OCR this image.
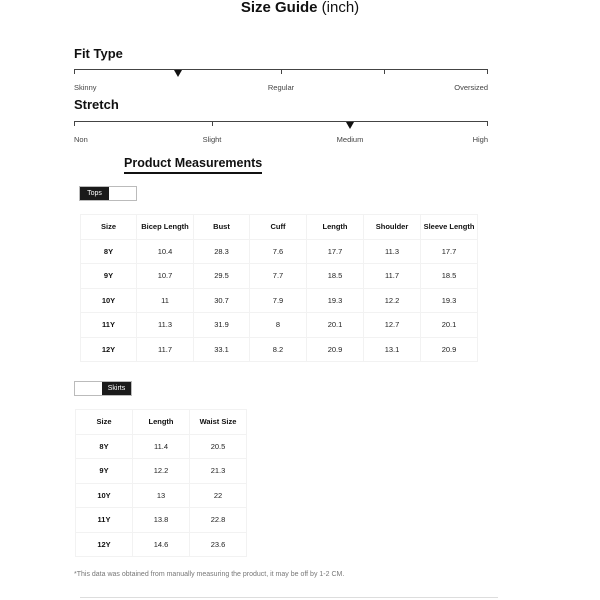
Size Guide (inch)
Fit Type
Skinny	Regular	Oversized
Stretch
Non	Slight	Medium	High
Product Measurements
Tops
Size	Bicep Length	Bust	Cuff	Length	Shoulder	Sleeve Length
8Y	10.4	28.3	7.6	17.7	11.3	17.7
9Y	10.7	29.5	7.7	18.5	11.7	18.5
10Y	11	30.7	7.9	19.3	12.2	19.3
11Y	11.3	31.9	8	20.1	12.7	20.1
12Y	11.7	33.1	8.2	20.9	13.1	20.9
Skirts
Size	Length	Waist Size
8Y	11.4	20.5
9Y	12.2	21.3
10Y	13	22
11Y	13.8	22.8
12Y	14.6	23.6
*This data was obtained from manually measuring the product, it may be off by 1-2 CM.
